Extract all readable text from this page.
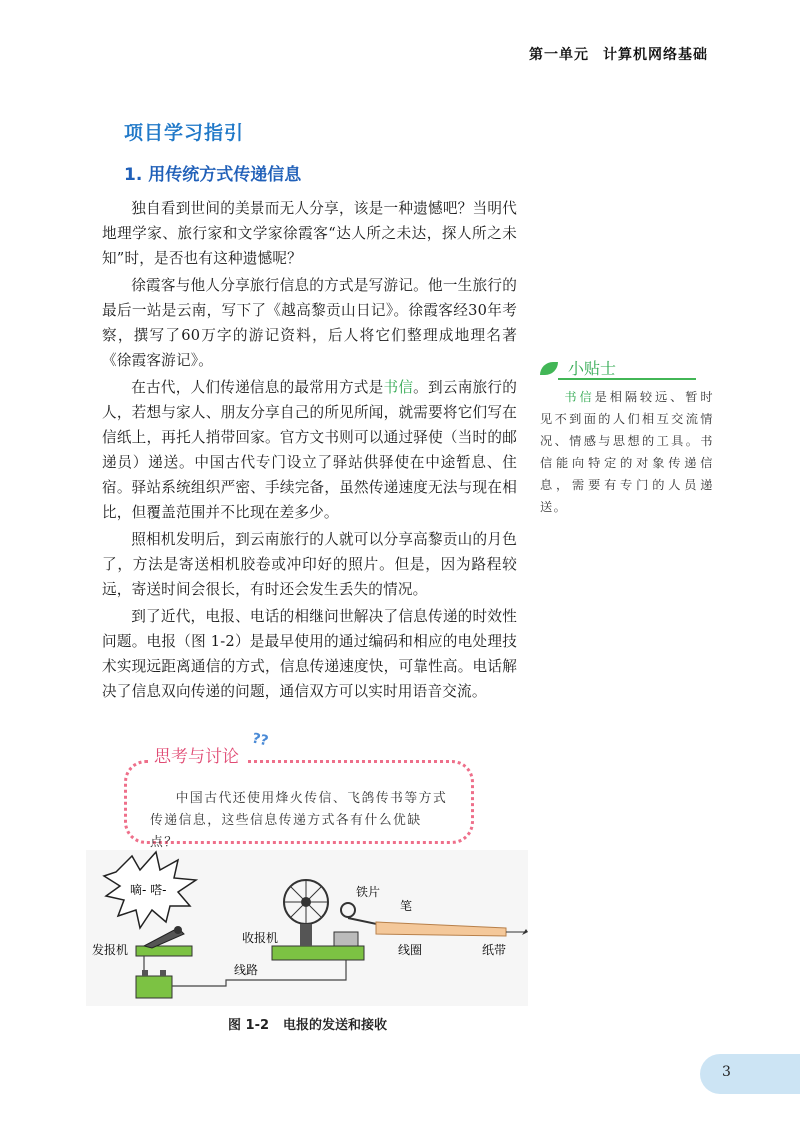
第一单元 计算机网络基础
项目学习指引
1. 用传统方式传递信息

独自看到世间的美景而无人分享，该是一种遗憾吧？当明代地理学家、旅行家和文学家徐霞客“达人所之未达，探人所之未知”时，是否也有这种遗憾呢？

徐霞客与他人分享旅行信息的方式是写游记。他一生旅行的最后一站是云南，写下了《越高黎贡山日记》。徐霞客经30年考察，撰写了60万字的游记资料，后人将它们整理成地理名著《徐霞客游记》。

在古代，人们传递信息的最常用方式是书信。到云南旅行的人，若想与家人、朋友分享自己的所见所闻，就需要将它们写在信纸上，再托人捎带回家。官方文书则可以通过驿使（当时的邮递员）递送。中国古代专门设立了驿站供驿使在中途暂息、住宿。驿站系统组织严密、手续完备，虽然传递速度无法与现在相比，但覆盖范围并不比现在差多少。

照相机发明后，到云南旅行的人就可以分享高黎贡山的月色了，方法是寄送相机胶卷或冲印好的照片。但是，因为路程较远，寄送时间会很长，有时还会发生丢失的情况。

到了近代，电报、电话的相继问世解决了信息传递的时效性问题。电报（图 1-2）是最早使用的通过编码和相应的电处理技术实现远距离通信的方式，信息传递速度快，可靠性高。电话解决了信息双向传递的问题，通信双方可以实时用语音交流。

小贴士

书信是相隔较远、暂时见不到面的人们相互交流情况、情感与思想的工具。书信能向特定的对象传递信息，需要有专门的人员递送。

思考与讨论
??
中国古代还使用烽火传信、飞鸽传书等方式传递信息，这些信息传递方式各有什么优缺点？
嘀- 嗒-
发报机
线路
收报机
铁片
笔
线圈	纸带
图 1-2 电报的发送和接收
3
